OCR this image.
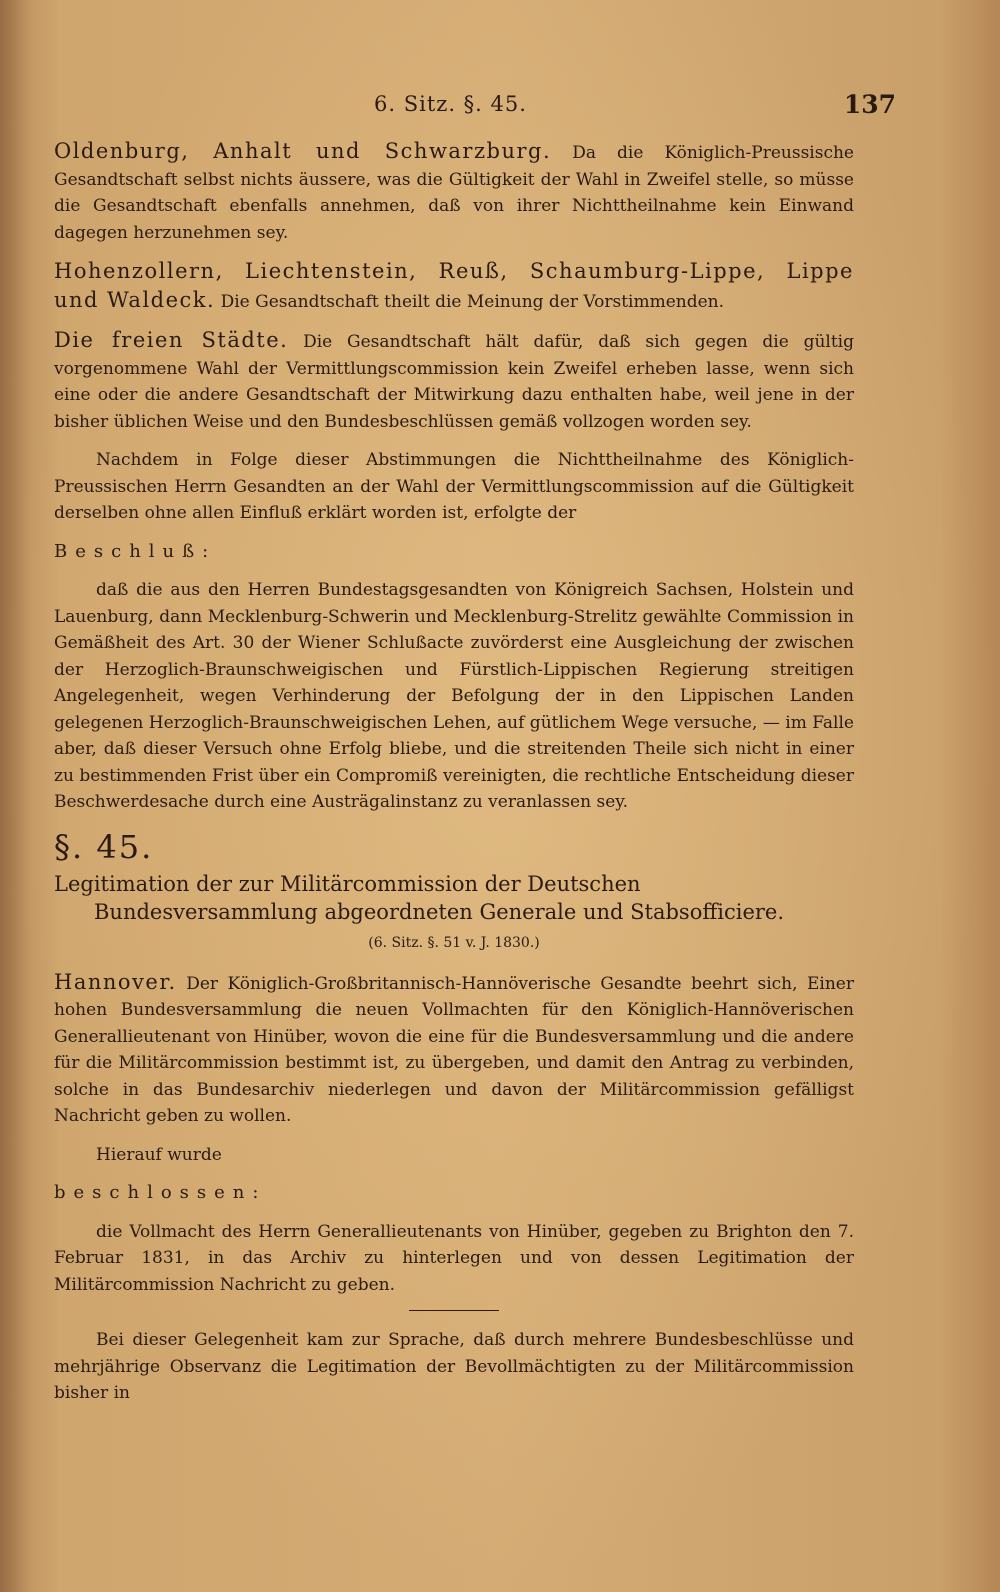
6. Sitz. §. 45.	137

Oldenburg, Anhalt und Schwarzburg. Da die Königlich-Preussische Gesandtschaft selbst nichts äussere, was die Gültigkeit der Wahl in Zweifel stelle, so müsse die Gesandtschaft ebenfalls annehmen, daß von ihrer Nichttheilnahme kein Einwand dagegen herzunehmen sey.

Hohenzollern, Liechtenstein, Reuß, Schaumburg-Lippe, Lippe und Waldeck. Die Gesandtschaft theilt die Meinung der Vorstimmenden.

Die freien Städte. Die Gesandtschaft hält dafür, daß sich gegen die gültig vorgenommene Wahl der Vermittlungscommission kein Zweifel erheben lasse, wenn sich eine oder die andere Gesandtschaft der Mitwirkung dazu enthalten habe, weil jene in der bisher üblichen Weise und den Bundesbeschlüssen gemäß vollzogen worden sey.

Nachdem in Folge dieser Abstimmungen die Nichttheilnahme des Königlich-Preussischen Herrn Gesandten an der Wahl der Vermittlungscommission auf die Gültigkeit derselben ohne allen Einfluß erklärt worden ist, erfolgte der

Beschluß:

daß die aus den Herren Bundestagsgesandten von Königreich Sachsen, Holstein und Lauenburg, dann Mecklenburg-Schwerin und Mecklenburg-Strelitz gewählte Commission in Gemäßheit des Art. 30 der Wiener Schlußacte zuvörderst eine Ausgleichung der zwischen der Herzoglich-Braunschweigischen und Fürstlich-Lippischen Regierung streitigen Angelegenheit, wegen Verhinderung der Befolgung der in den Lippischen Landen gelegenen Herzoglich-Braunschweigischen Lehen, auf gütlichem Wege versuche, — im Falle aber, daß dieser Versuch ohne Erfolg bliebe, und die streitenden Theile sich nicht in einer zu bestimmenden Frist über ein Compromiß vereinigten, die rechtliche Entscheidung dieser Beschwerdesache durch eine Austrägalinstanz zu veranlassen sey.

§. 45.

Legitimation der zur Militärcommission der Deutschen Bundesversammlung abgeordneten Generale und Stabsofficiere.

(6. Sitz. §. 51 v. J. 1830.)

Hannover. Der Königlich-Großbritannisch-Hannöverische Gesandte beehrt sich, Einer hohen Bundesversammlung die neuen Vollmachten für den Königlich-Hannöverischen Generallieutenant von Hinüber, wovon die eine für die Bundesversammlung und die andere für die Militärcommission bestimmt ist, zu übergeben, und damit den Antrag zu verbinden, solche in das Bundesarchiv niederlegen und davon der Militärcommission gefälligst Nachricht geben zu wollen.

Hierauf wurde

beschlossen:

die Vollmacht des Herrn Generallieutenants von Hinüber, gegeben zu Brighton den 7. Februar 1831, in das Archiv zu hinterlegen und von dessen Legitimation der Militärcommission Nachricht zu geben.

Bei dieser Gelegenheit kam zur Sprache, daß durch mehrere Bundesbeschlüsse und mehrjährige Observanz die Legitimation der Bevollmächtigten zu der Militärcommission bisher in
